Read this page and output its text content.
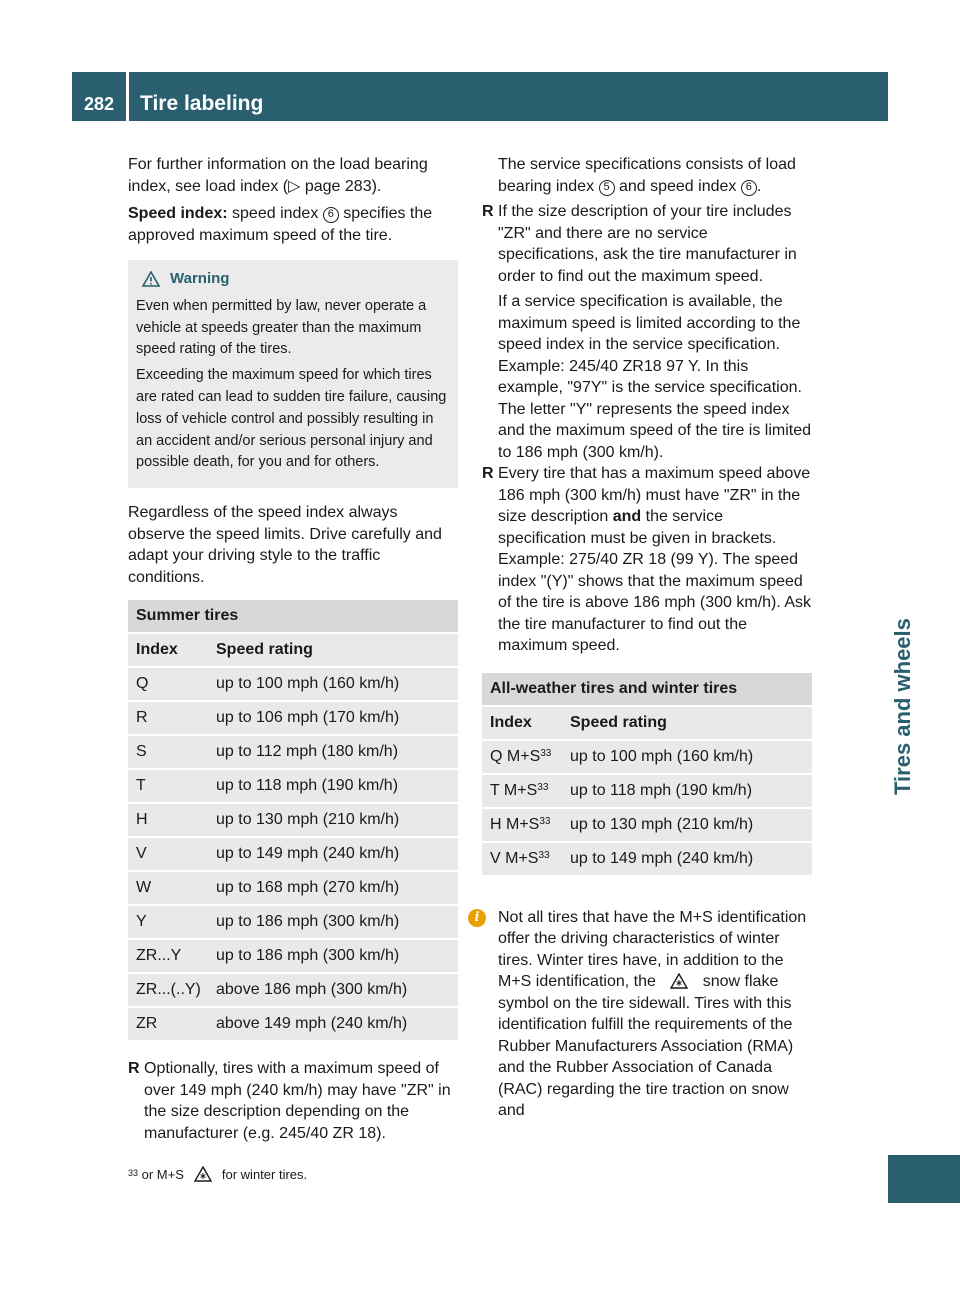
282	Tire labeling
Tires and wheels

For further information on the load bearing index, see load index (▷ page 283).

Speed index: speed index 6 specifies the approved maximum speed of the tire.

Warning

Even when permitted by law, never operate a vehicle at speeds greater than the maximum speed rating of the tires.

Exceeding the maximum speed for which tires are rated can lead to sudden tire failure, causing loss of vehicle control and possibly resulting in an accident and/or serious personal injury and possible death, for you and for others.

Regardless of the speed index always observe the speed limits. Drive carefully and adapt your driving style to the traffic conditions.

Summer tires	
Index	Speed rating
Q	up to 100 mph (160 km/h)
R	up to 106 mph (170 km/h)
S	up to 112 mph (180 km/h)
T	up to 118 mph (190 km/h)
H	up to 130 mph (210 km/h)
V	up to 149 mph (240 km/h)
W	up to 168 mph (270 km/h)
Y	up to 186 mph (300 km/h)
ZR...Y	up to 186 mph (300 km/h)
ZR...(..Y)	above 186 mph (300 km/h)
ZR	above 149 mph (240 km/h)
R Optionally, tires with a maximum speed of over 149 mph (240 km/h) may have "ZR" in the size description depending on the manufacturer (e.g. 245/40 ZR 18).

The service specifications consists of load bearing index 5 and speed index 6 .

R If the size description of your tire includes "ZR" and there are no service specifications, ask the tire manufacturer in order to find out the maximum speed.

If a service specification is available, the maximum speed is limited according to the speed index in the service specification. Example: 245/40 ZR18 97 Y. In this example, "97Y" is the service specification. The letter "Y" represents the speed index and the maximum speed of the tire is limited to 186 mph (300 km/h).

R Every tire that has a maximum speed above 186 mph (300 km/h) must have "ZR" in the size description and the service specification must be given in brackets. Example: 275/40 ZR 18 (99 Y). The speed index "(Y)" shows that the maximum speed of the tire is above 186 mph (300 km/h). Ask the tire manufacturer to find out the maximum speed.
All-weather tires and winter tires	
Index	Speed rating
Q $M+S^{33}$	up to 100 mph (160 km/h)
T $M+S^{33}$	up to 118 mph (190 km/h)
H $M+S^{33}$	up to 130 mph (210 km/h)
V $M+S^{33}$	up to 149 mph (240 km/h)
i	Not all tires that have the M+S identification offer the driving characteristics of winter tires. Winter tires have, in addition to the M+S identification, the  snow flake symbol on the tire sidewall. Tires with this identification fulfill the requirements of the Rubber Manufacturers Association (RMA) and the Rubber Association of Canada (RAC) regarding the tire traction on snow and
$^{33}$ or M+S	for winter tires.
